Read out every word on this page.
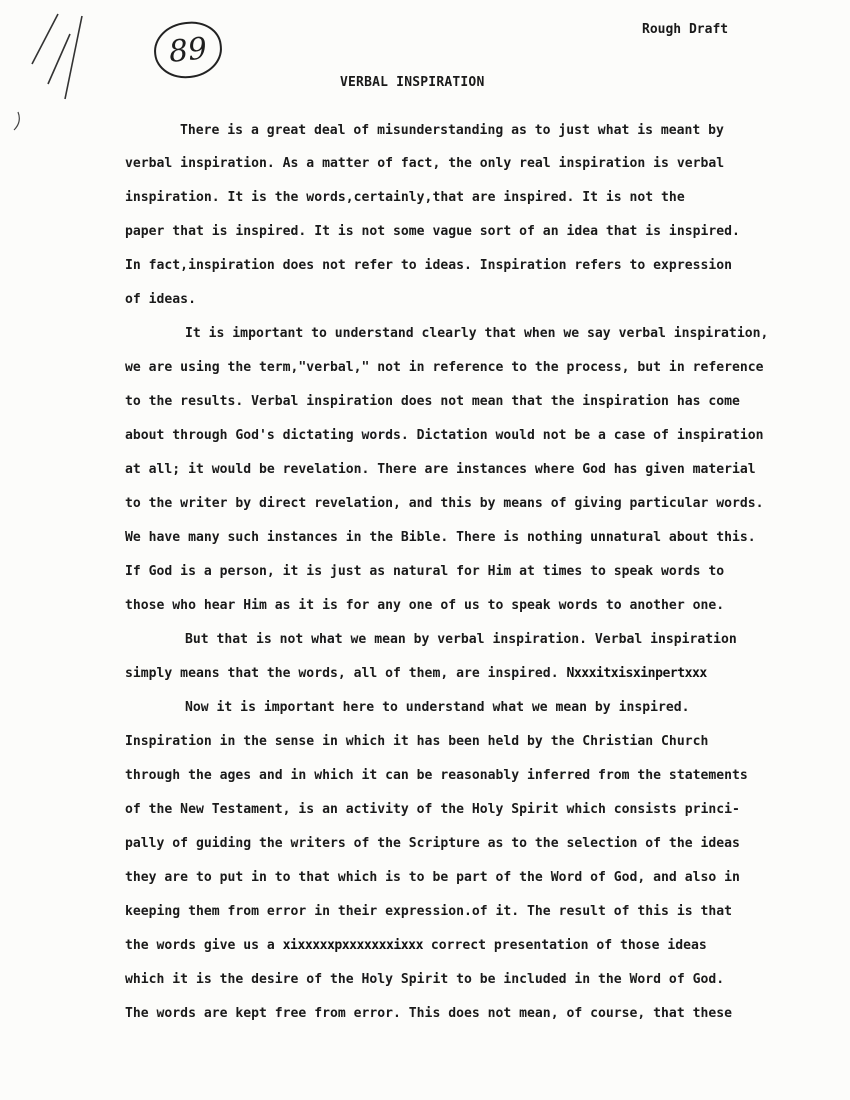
89
Rough Draft
VERBAL INSPIRATION
There is a great deal of misunderstanding as to just what is meant by
verbal inspiration. As a matter of fact, the only real inspiration is verbal
inspiration. It is the words,certainly,that are inspired. It is not the
paper that is inspired. It is not some vague sort of an idea that is inspired.
In fact,inspiration does not refer to ideas. Inspiration refers to expression
of ideas.
It is important to understand clearly that when we say verbal inspiration,
we are using the term,"verbal," not in reference to the process, but in reference
to the results. Verbal inspiration does not mean that the inspiration has come
about through God's dictating words. Dictation would not be a case of inspiration
at all; it would be revelation. There are instances where God has given material
to the writer by direct revelation, and this by means of giving particular words.
We have many such instances in the Bible. There is nothing unnatural about this.
If God is a person, it is just as natural for Him at times to speak words to
those who hear Him as it is for any one of us to speak words to another one.
But that is not what we mean by verbal inspiration. Verbal inspiration
simply means that the words, all of them, are inspired. Nxxxitxisxinpertxxx
Now it is important here to understand what we mean by inspired.
Inspiration in the sense in which it has been held by the Christian Church
through the ages and in which it can be reasonably inferred from the statements
of the New Testament, is an activity of the Holy Spirit which consists princi-
pally of guiding the writers of the Scripture as to the selection of the ideas
they are to put in to that which is to be part of the Word of God, and also in
keeping them from error in their expression.of it. The result of this is that
the words give us a xixxxxxpxxxxxxxixxx correct presentation of those ideas
which it is the desire of the Holy Spirit to be included in the Word of God.
The words are kept free from error. This does not mean, of course, that these
